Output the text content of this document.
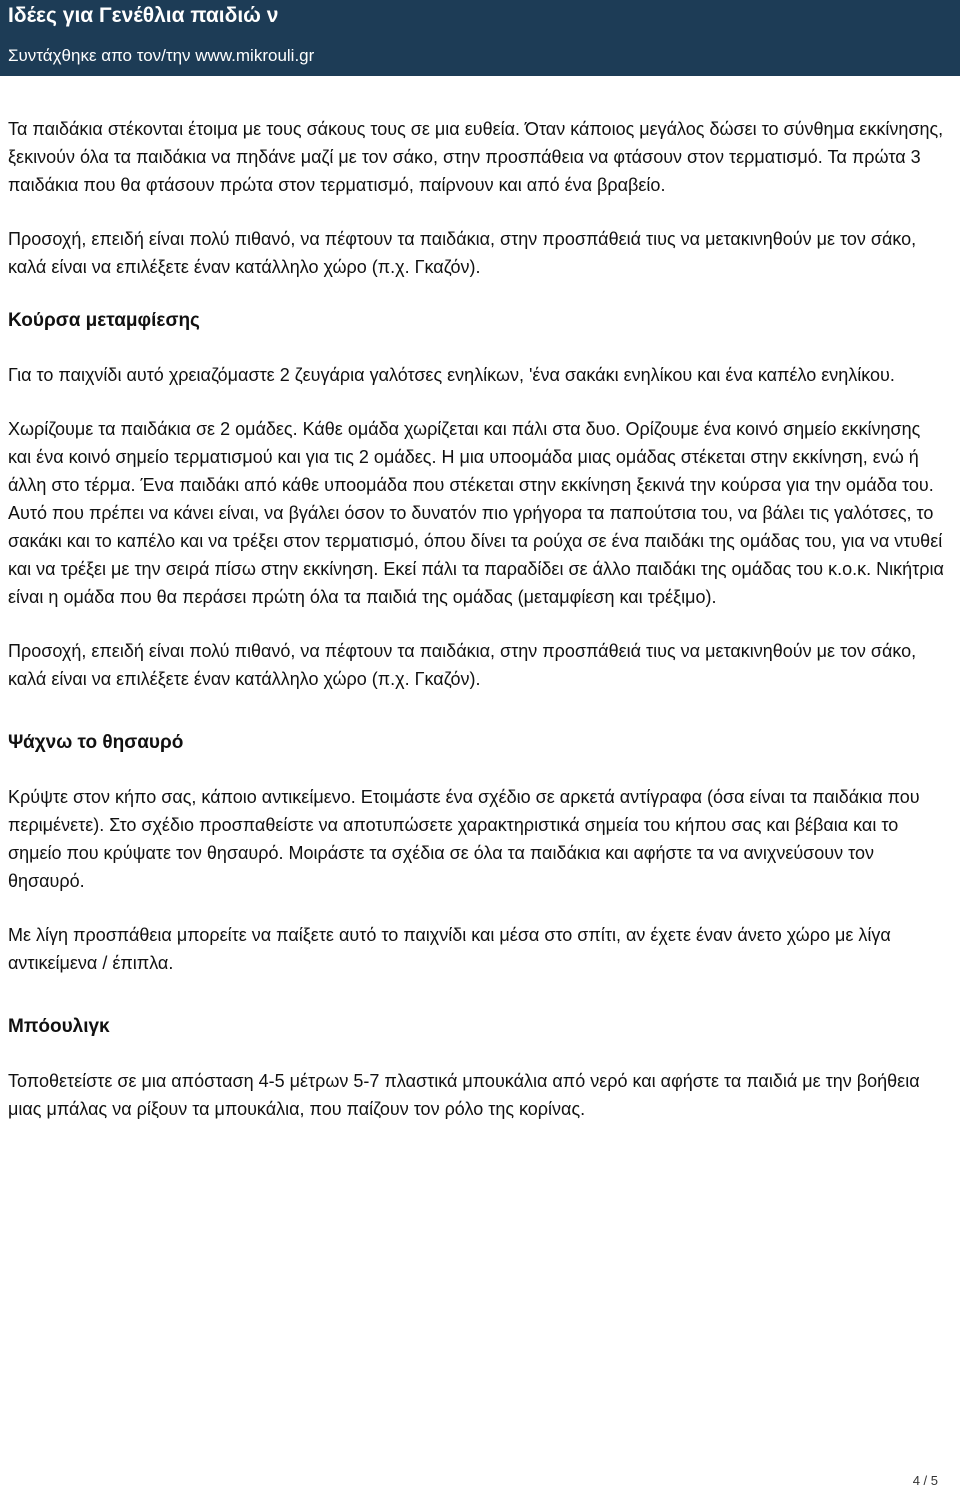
Ιδέες για Γενέθλια παιδιώ ν
Συντάχθηκε απο τον/την www.mikrouli.gr

Τα παιδάκια στέκονται έτοιμα με τους σάκους τους σε μια ευθεία. Όταν κάποιος μεγάλος δώσει το σύνθημα εκκίνησης, ξεκινούν όλα τα παιδάκια να πηδάνε μαζί με τον σάκο, στην προσπάθεια να φτάσουν στον τερματισμό. Τα πρώτα 3 παιδάκια που θα φτάσουν πρώτα στον τερματισμό, παίρνουν και από ένα βραβείο.

Προσοχή, επειδή είναι πολύ πιθανό, να πέφτουν τα παιδάκια, στην προσπάθειά τιυς να μετακινηθούν με τον σάκο, καλά είναι να επιλέξετε έναν κατάλληλο χώρο (π.χ. Γκαζόν).

Κούρσα μεταμφίεσης

Για το παιχνίδι αυτό χρειαζόμαστε 2 ζευγάρια γαλότσες ενηλίκων, 'ένα σακάκι ενηλίκου και ένα καπέλο ενηλίκου.

Χωρίζουμε τα παιδάκια σε 2 ομάδες. Κάθε ομάδα χωρίζεται και πάλι στα δυο. Ορίζουμε ένα κοινό σημείο εκκίνησης και ένα κοινό σημείο τερματισμού και για τις 2 ομάδες. Η μια υποομάδα μιας ομάδας στέκεται στην εκκίνηση, ενώ ή άλλη στο τέρμα. Ένα παιδάκι από κάθε υποομάδα που στέκεται στην εκκίνηση ξεκινά την κούρσα για την ομάδα του. Αυτό που πρέπει να κάνει είναι, να βγάλει όσον το δυνατόν πιο γρήγορα τα παπούτσια του, να βάλει τις γαλότσες, το σακάκι και το καπέλο και να τρέξει στον τερματισμό, όπου δίνει τα ρούχα σε ένα παιδάκι της ομάδας του, για να ντυθεί και να τρέξει με την σειρά πίσω στην εκκίνηση. Εκεί πάλι τα παραδίδει σε άλλο παιδάκι της ομάδας του κ.ο.κ. Νικήτρια είναι η ομάδα που θα περάσει πρώτη όλα τα παιδιά της ομάδας (μεταμφίεση και τρέξιμο).

Προσοχή, επειδή είναι πολύ πιθανό, να πέφτουν τα παιδάκια, στην προσπάθειά τιυς να μετακινηθούν με τον σάκο, καλά είναι να επιλέξετε έναν κατάλληλο χώρο (π.χ. Γκαζόν).

Ψάχνω το θησαυρό

Κρύψτε στον κήπο σας, κάποιο αντικείμενο. Ετοιμάστε ένα σχέδιο σε αρκετά αντίγραφα (όσα είναι τα παιδάκια που περιμένετε). Στο σχέδιο προσπαθείστε να αποτυπώσετε χαρακτηριστικά σημεία του κήπου σας και βέβαια και το σημείο που κρύψατε τον θησαυρό. Μοιράστε τα σχέδια σε όλα τα παιδάκια και αφήστε τα να ανιχνεύσουν τον θησαυρό.

Με λίγη προσπάθεια μπορείτε να παίξετε αυτό το παιχνίδι και μέσα στο σπίτι, αν έχετε έναν άνετο χώρο με λίγα αντικείμενα / έπιπλα.

Μπόουλιγκ

Τοποθετείστε σε μια απόσταση 4-5 μέτρων 5-7 πλαστικά μπουκάλια από νερό και αφήστε τα παιδιά με την βοήθεια μιας μπάλας να ρίξουν τα μπουκάλια, που παίζουν τον ρόλο της κορίνας.

4 / 5
